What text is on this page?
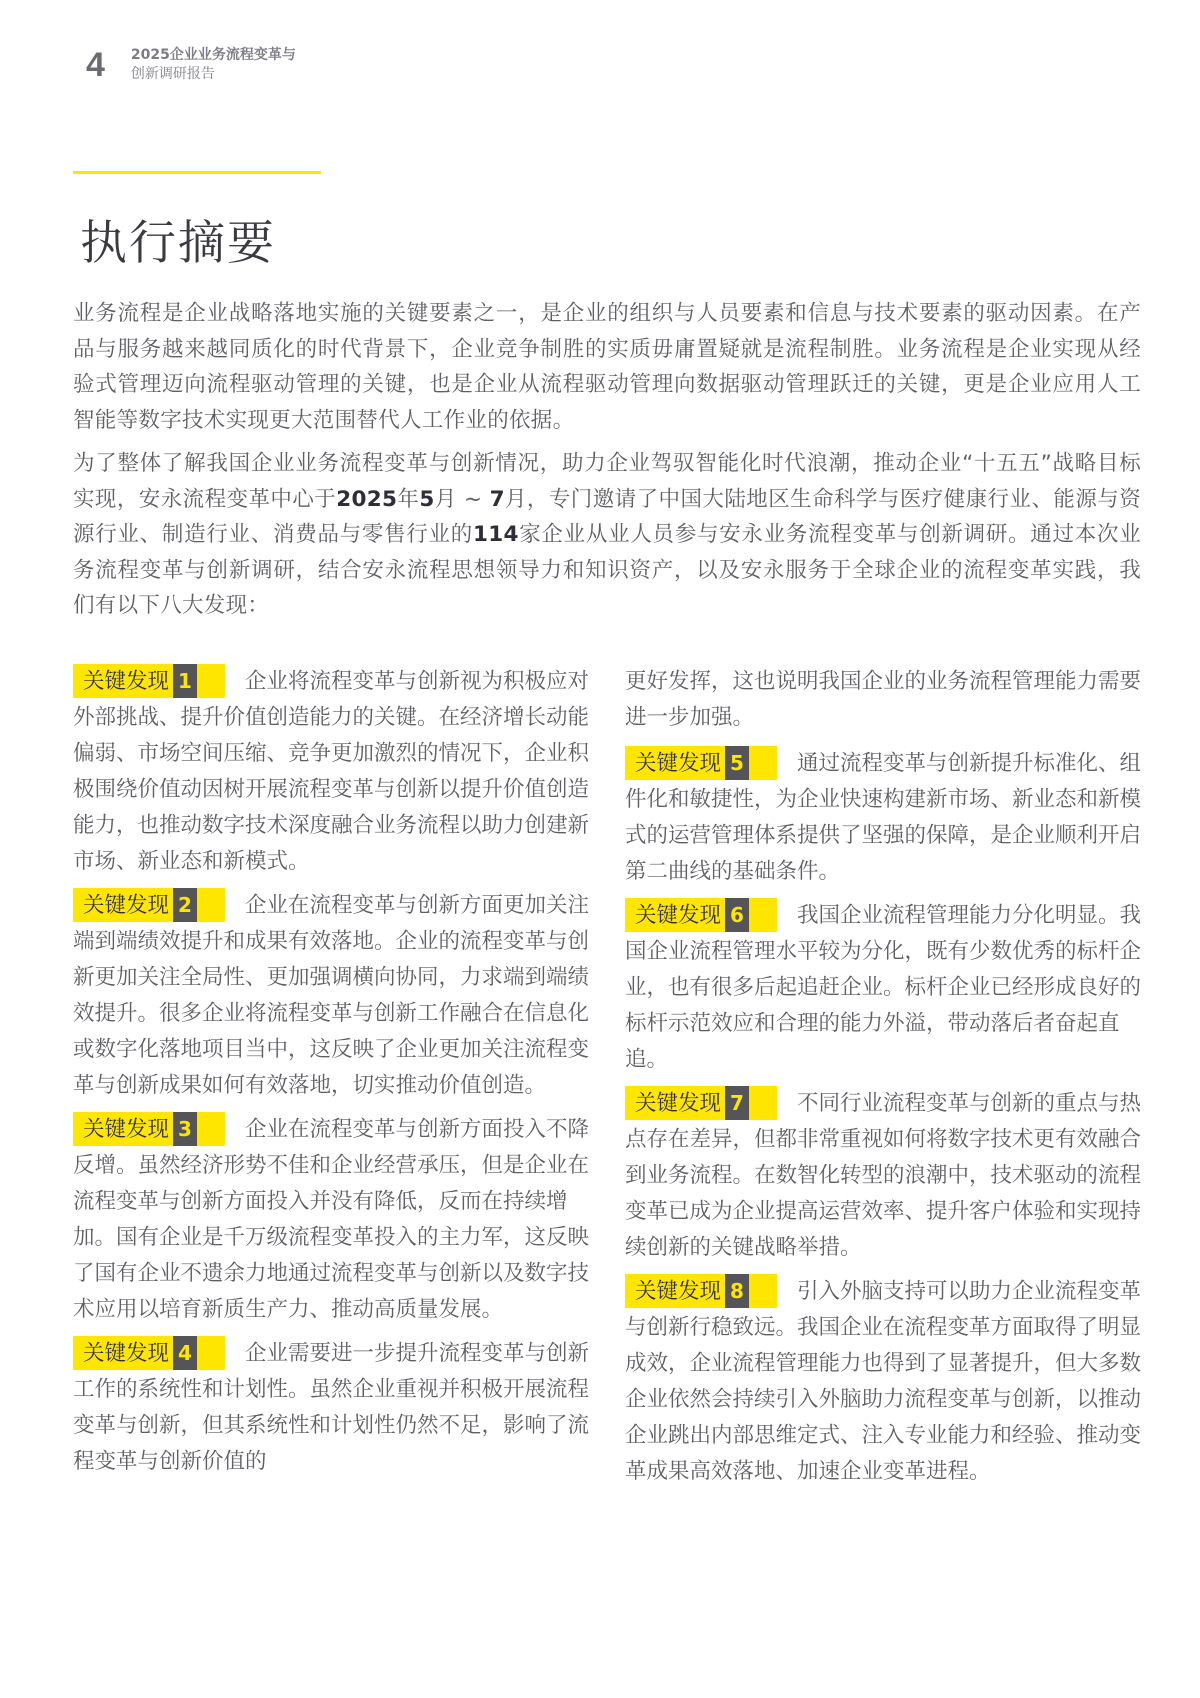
4 2025企业业务流程变革与
创新调研报告
执行摘要

业务流程是企业战略落地实施的关键要素之一，是企业的组织与人员要素和信息与技术要素的驱动因素。在产品与服务越来越同质化的时代背景下，企业竞争制胜的实质毋庸置疑就是流程制胜。业务流程是企业实现从经验式管理迈向流程驱动管理的关键，也是企业从流程驱动管理向数据驱动管理跃迁的关键，更是企业应用人工智能等数字技术实现更大范围替代人工作业的依据。

为了整体了解我国企业业务流程变革与创新情况，助力企业驾驭智能化时代浪潮，推动企业“十五五”战略目标实现，安永流程变革中心于2025年5月 ~ 7月，专门邀请了中国大陆地区生命科学与医疗健康行业、能源与资源行业、制造行业、消费品与零售行业的114家企业从业人员参与安永业务流程变革与创新调研。通过本次业务流程变革与创新调研，结合安永流程思想领导力和知识资产，以及安永服务于全球企业的流程变革实践，我们有以下八大发现：

关键发现 1 企业将流程变革与创新视为积极应对外部挑战、提升价值创造能力的关键。在经济增长动能偏弱、市场空间压缩、竞争更加激烈的情况下，企业积极围绕价值动因树开展流程变革与创新以提升价值创造能力，也推动数字技术深度融合业务流程以助力创建新市场、新业态和新模式。
关键发现 2 企业在流程变革与创新方面更加关注端到端绩效提升和成果有效落地。企业的流程变革与创新更加关注全局性、更加强调横向协同，力求端到端绩效提升。很多企业将流程变革与创新工作融合在信息化或数字化落地项目当中，这反映了企业更加关注流程变革与创新成果如何有效落地，切实推动价值创造。
关键发现 3 企业在流程变革与创新方面投入不降反增。虽然经济形势不佳和企业经营承压，但是企业在流程变革与创新方面投入并没有降低，反而在持续增加。国有企业是千万级流程变革投入的主力军，这反映了国有企业不遗余力地通过流程变革与创新以及数字技术应用以培育新质生产力、推动高质量发展。
关键发现 4 企业需要进一步提升流程变革与创新工作的系统性和计划性。虽然企业重视并积极开展流程变革与创新，但其系统性和计划性仍然不足，影响了流程变革与创新价值的
更好发挥，这也说明我国企业的业务流程管理能力需要进一步加强。
关键发现 5 通过流程变革与创新提升标准化、组件化和敏捷性，为企业快速构建新市场、新业态和新模式的运营管理体系提供了坚强的保障，是企业顺利开启第二曲线的基础条件。
关键发现 6 我国企业流程管理能力分化明显。我国企业流程管理水平较为分化，既有少数优秀的标杆企业，也有很多后起追赶企业。标杆企业已经形成良好的标杆示范效应和合理的能力外溢，带动落后者奋起直追。
关键发现 7 不同行业流程变革与创新的重点与热点存在差异，但都非常重视如何将数字技术更有效融合到业务流程。在数智化转型的浪潮中，技术驱动的流程变革已成为企业提高运营效率、提升客户体验和实现持续创新的关键战略举措。
关键发现 8 引入外脑支持可以助力企业流程变革与创新行稳致远。我国企业在流程变革方面取得了明显成效，企业流程管理能力也得到了显著提升，但大多数企业依然会持续引入外脑助力流程变革与创新，以推动企业跳出内部思维定式、注入专业能力和经验、推动变革成果高效落地、加速企业变革进程。
